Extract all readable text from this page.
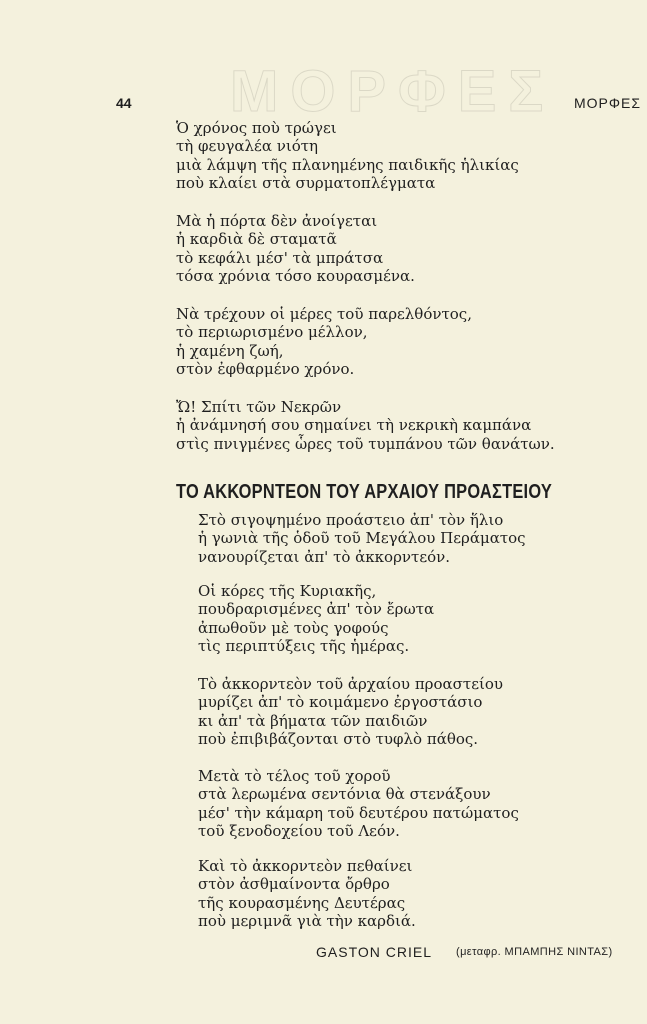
ΜΟΡΦΕΣ
44	ΜΟΡΦΕΣ
Ὁ χρόνος ποὺ τρώγει
τὴ φευγαλέα νιότη
μιὰ λάμψη τῆς πλανημένης παιδικῆς ἡλικίας
ποὺ κλαίει στὰ συρματοπλέγματα
Μὰ ἡ πόρτα δὲν ἀνοίγεται
ἡ καρδιὰ δὲ σταματᾶ
τὸ κεφάλι μέσ' τὰ μπράτσα
τόσα χρόνια τόσο κουρασμένα.
Νὰ τρέχουν οἱ μέρες τοῦ παρελθόντος,
τὸ περιωρισμένο μέλλον,
ἡ χαμένη ζωή,
στὸν ἐφθαρμένο χρόνο.
Ὤ! Σπίτι τῶν Νεκρῶν
ἡ ἀνάμνησή σου σημαίνει τὴ νεκρικὴ καμπάνα
στὶς πνιγμένες ὧρες τοῦ τυμπάνου τῶν θανάτων.
ΤΟ ΑΚΚΟΡΝΤΕΟΝ ΤΟΥ ΑΡΧΑΙΟΥ ΠΡΟΑΣΤΕΙΟΥ
Στὸ σιγοψημένο προάστειο ἀπ' τὸν ἥλιο
ἡ γωνιὰ τῆς ὁδοῦ τοῦ Μεγάλου Περάματος
νανουρίζεται ἀπ' τὸ ἀκκορντεόν.
Οἱ κόρες τῆς Κυριακῆς,
πουδραρισμένες ἀπ' τὸν ἔρωτα
ἀπωθοῦν μὲ τοὺς γοφούς
τὶς περιπτύξεις τῆς ἡμέρας.
Τὸ ἀκκορντεὸν τοῦ ἀρχαίου προαστείου
μυρίζει ἀπ' τὸ κοιμάμενο ἐργοστάσιο
κι ἀπ' τὰ βήματα τῶν παιδιῶν
ποὺ ἐπιβιβάζονται στὸ τυφλὸ πάθος.
Μετὰ τὸ τέλος τοῦ χοροῦ
στὰ λερωμένα σεντόνια θὰ στενάξουν
μέσ' τὴν κάμαρη τοῦ δευτέρου πατώματος
τοῦ ξενοδοχείου τοῦ Λεόν.
Καὶ τὸ ἀκκορντεὸν πεθαίνει
στὸν ἀσθμαίνοντα ὄρθρο
τῆς κουρασμένης Δευτέρας
ποὺ μεριμνᾶ γιὰ τὴν καρδιά.
GASTON CRIEL (μεταφρ. ΜΠΑΜΠΗΣ ΝΙΝΤΑΣ)
